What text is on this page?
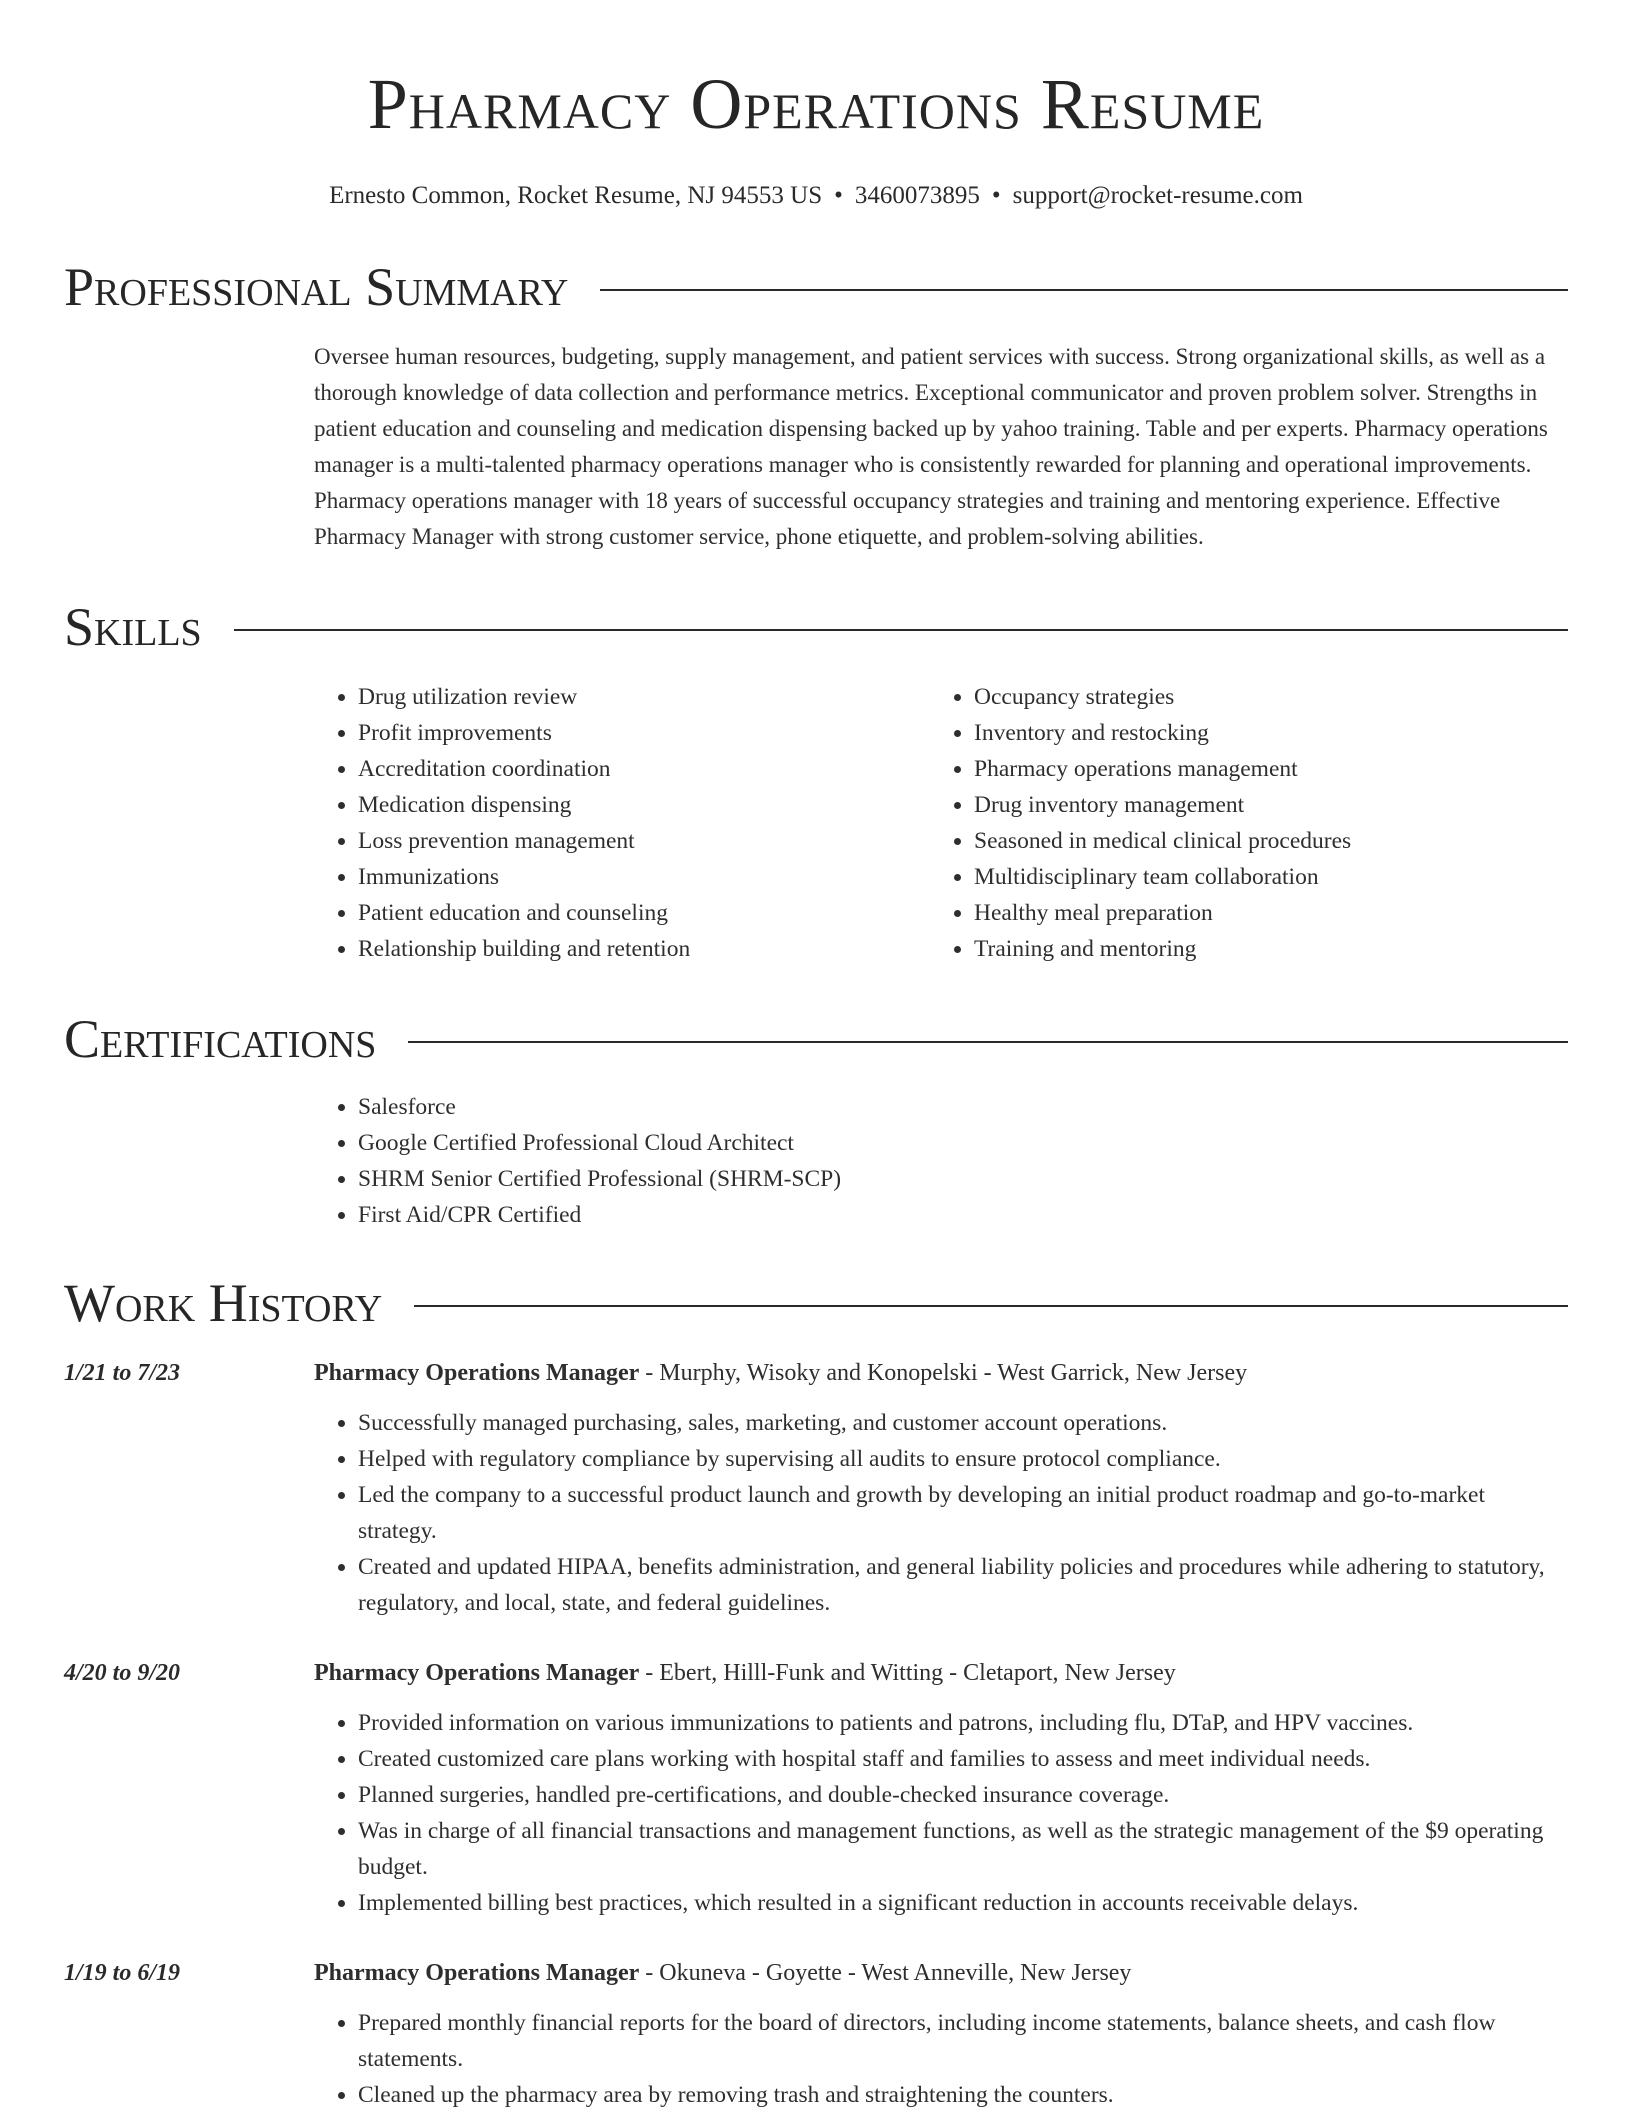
Pharmacy Operations Resume
Ernesto Common, Rocket Resume, NJ 94553 US • 3460073895 • support@rocket-resume.com
Professional Summary
Oversee human resources, budgeting, supply management, and patient services with success. Strong organizational skills, as well as a thorough knowledge of data collection and performance metrics. Exceptional communicator and proven problem solver. Strengths in patient education and counseling and medication dispensing backed up by yahoo training. Table and per experts. Pharmacy operations manager is a multi-talented pharmacy operations manager who is consistently rewarded for planning and operational improvements. Pharmacy operations manager with 18 years of successful occupancy strategies and training and mentoring experience. Effective Pharmacy Manager with strong customer service, phone etiquette, and problem-solving abilities.
Skills
• Drug utilization review
• Profit improvements
• Accreditation coordination
• Medication dispensing
• Loss prevention management
• Immunizations
• Patient education and counseling
• Relationship building and retention
• Occupancy strategies
• Inventory and restocking
• Pharmacy operations management
• Drug inventory management
• Seasoned in medical clinical procedures
• Multidisciplinary team collaboration
• Healthy meal preparation
• Training and mentoring
Certifications
• Salesforce
• Google Certified Professional Cloud Architect
• SHRM Senior Certified Professional (SHRM-SCP)
• First Aid/CPR Certified
Work History
1/21 to 7/23	Pharmacy Operations Manager - Murphy, Wisoky and Konopelski - West Garrick, New Jersey
• Successfully managed purchasing, sales, marketing, and customer account operations.
• Helped with regulatory compliance by supervising all audits to ensure protocol compliance.
• Led the company to a successful product launch and growth by developing an initial product roadmap and go-to-market strategy.
• Created and updated HIPAA, benefits administration, and general liability policies and procedures while adhering to statutory, regulatory, and local, state, and federal guidelines.
4/20 to 9/20	Pharmacy Operations Manager - Ebert, Hilll-Funk and Witting - Cletaport, New Jersey
• Provided information on various immunizations to patients and patrons, including flu, DTaP, and HPV vaccines.
• Created customized care plans working with hospital staff and families to assess and meet individual needs.
• Planned surgeries, handled pre-certifications, and double-checked insurance coverage.
• Was in charge of all financial transactions and management functions, as well as the strategic management of the $9 operating budget.
• Implemented billing best practices, which resulted in a significant reduction in accounts receivable delays.
1/19 to 6/19	Pharmacy Operations Manager - Okuneva - Goyette - West Anneville, New Jersey
• Prepared monthly financial reports for the board of directors, including income statements, balance sheets, and cash flow statements.
• Cleaned up the pharmacy area by removing trash and straightening the counters.
